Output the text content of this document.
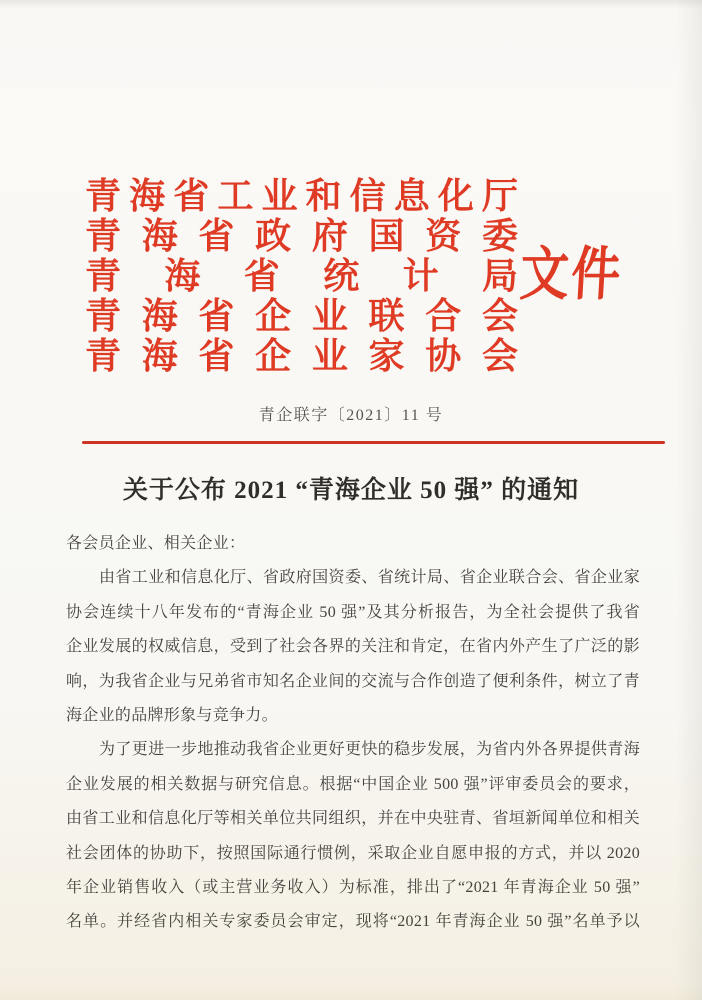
青海省工业和信息化厅
青海省政府国资委
青海省统计局
青海省企业联合会
青海省企业家协会
文件
青企联字〔2021〕11 号
关于公布 2021 “青海企业 50 强” 的通知
各会员企业、相关企业：
由省工业和信息化厅、省政府国资委、省统计局、省企业联合会、省企业家
协会连续十八年发布的“青海企业 50 强”及其分析报告，为全社会提供了我省
企业发展的权威信息，受到了社会各界的关注和肯定，在省内外产生了广泛的影
响，为我省企业与兄弟省市知名企业间的交流与合作创造了便利条件，树立了青
海企业的品牌形象与竞争力。
为了更进一步地推动我省企业更好更快的稳步发展，为省内外各界提供青海
企业发展的相关数据与研究信息。根据“中国企业 500 强”评审委员会的要求，
由省工业和信息化厅等相关单位共同组织，并在中央驻青、省垣新闻单位和相关
社会团体的协助下，按照国际通行惯例，采取企业自愿申报的方式，并以 2020
年企业销售收入（或主营业务收入）为标准，排出了“2021 年青海企业 50 强”
名单。并经省内相关专家委员会审定，现将“2021 年青海企业 50 强”名单予以
